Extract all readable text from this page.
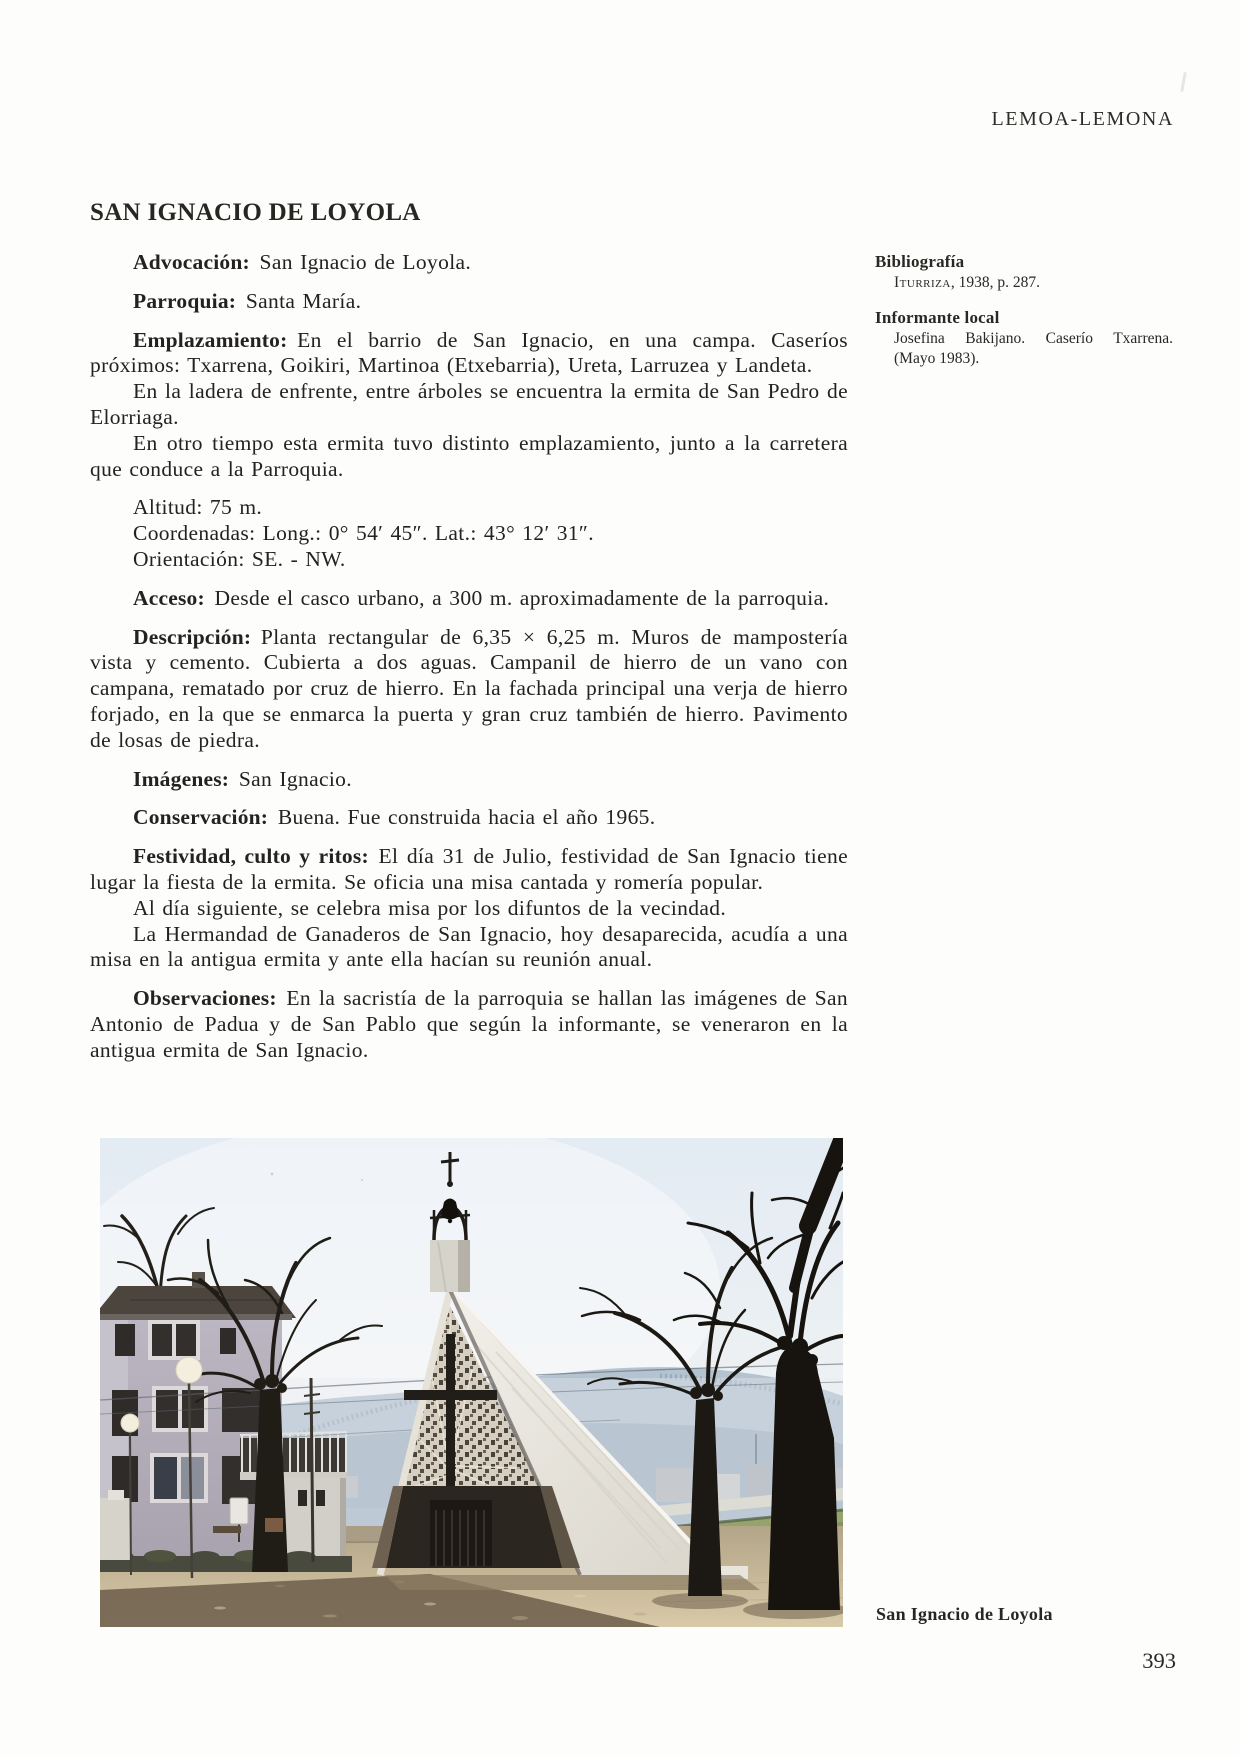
LEMOA-LEMONA
SAN IGNACIO DE LOYOLA

Advocación: San Ignacio de Loyola.

Parroquia: Santa María.

Emplazamiento: En el barrio de San Ignacio, en una campa. Caseríos próximos: Txarrena, Goikiri, Martinoa (Etxebarria), Ureta, Larruzea y Landeta.

En la ladera de enfrente, entre árboles se encuentra la ermita de San Pedro de Elorriaga.

En otro tiempo esta ermita tuvo distinto emplazamiento, junto a la carretera que conduce a la Parroquia.

Altitud: 75 m.
Coordenadas: Long.: 0° 54′ 45″. Lat.: 43° 12′ 31″.
Orientación: SE. - NW.

Acceso: Desde el casco urbano, a 300 m. aproximadamente de la parroquia.

Descripción: Planta rectangular de 6,35 × 6,25 m. Muros de mampostería vista y cemento. Cubierta a dos aguas. Campanil de hierro de un vano con campana, rematado por cruz de hierro. En la fachada principal una verja de hierro forjado, en la que se enmarca la puerta y gran cruz también de hierro. Pavimento de losas de piedra.

Imágenes: San Ignacio.

Conservación: Buena. Fue construida hacia el año 1965.

Festividad, culto y ritos: El día 31 de Julio, festividad de San Ignacio tiene lugar la fiesta de la ermita. Se oficia una misa cantada y romería popular.

Al día siguiente, se celebra misa por los difuntos de la vecindad.

La Hermandad de Ganaderos de San Ignacio, hoy desaparecida, acudía a una misa en la antigua ermita y ante ella hacían su reunión anual.

Observaciones: En la sacristía de la parroquia se hallan las imágenes de San Antonio de Padua y de San Pablo que según la informante, se veneraron en la antigua ermita de San Ignacio.

Bibliografía
Iturriza, 1938, p. 287.
Informante local
Josefina Bakijano. Caserío Txarrena.
(Mayo 1983).
San Ignacio de Loyola
393
